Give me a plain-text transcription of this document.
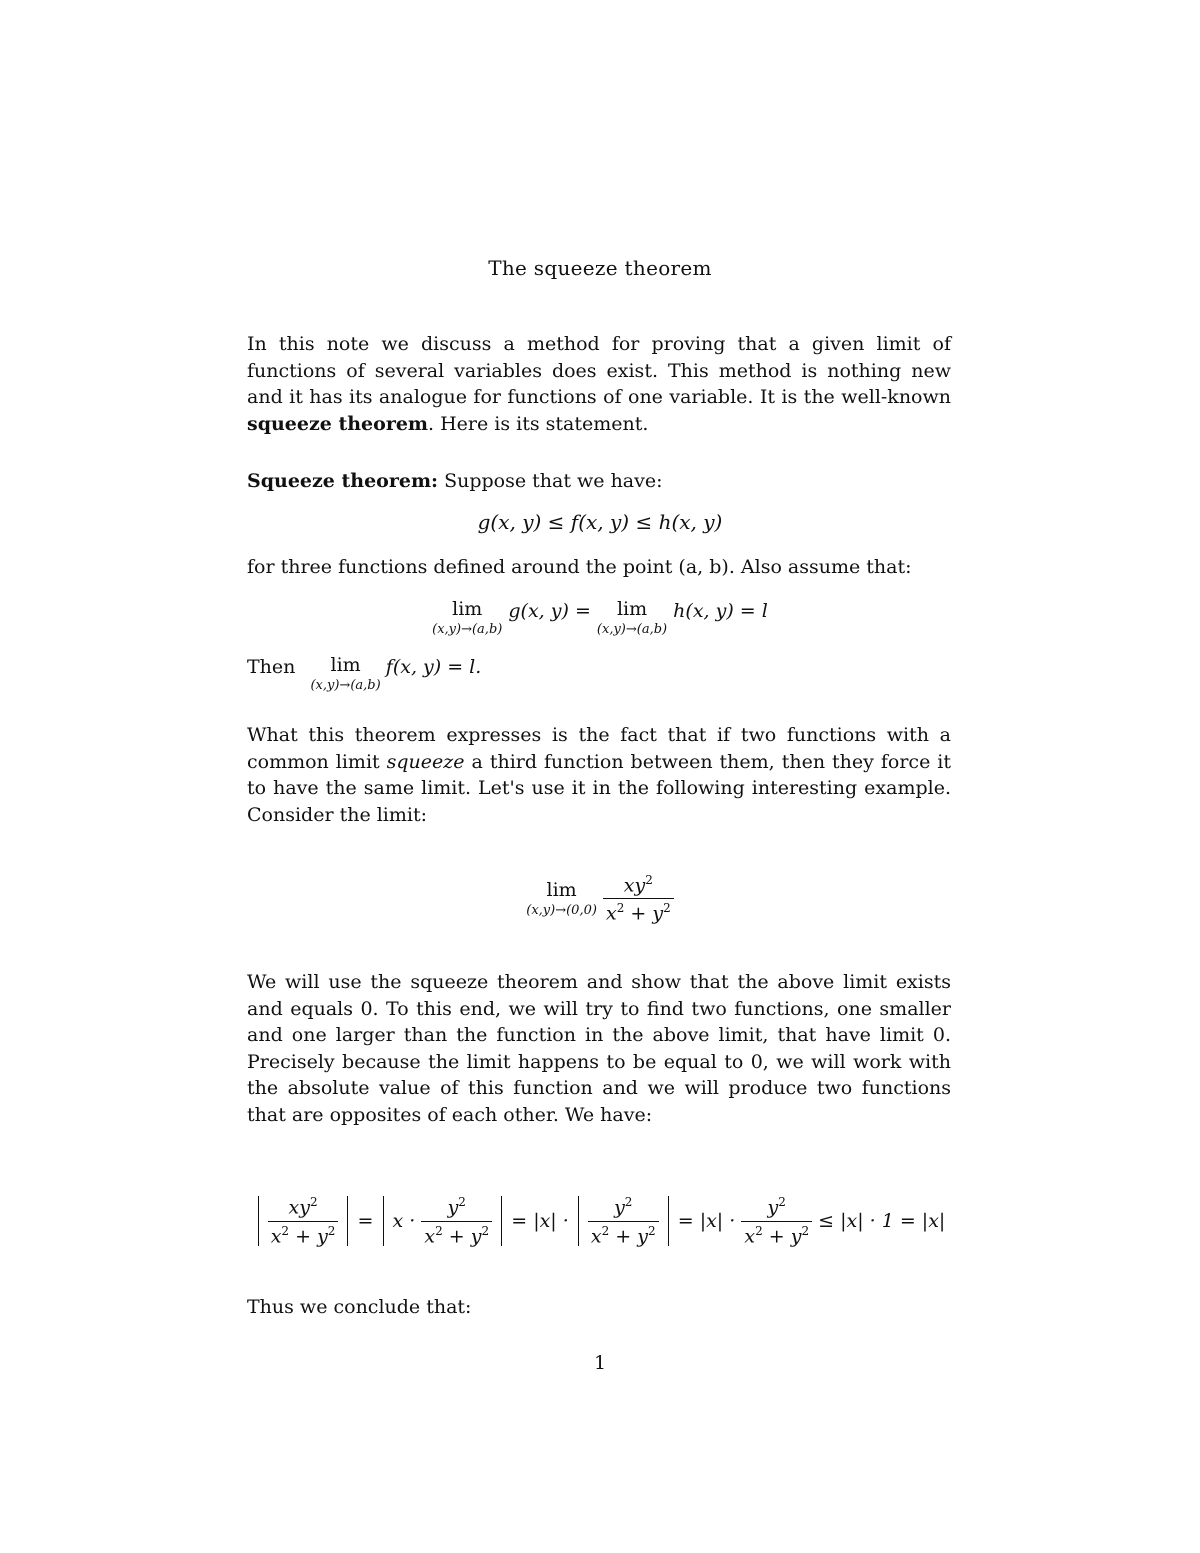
The squeeze theorem

In this note we discuss a method for proving that a given limit of functions of several variables does exist. This method is nothing new and it has its analogue for functions of one variable. It is the well-known squeeze theorem. Here is its statement.

Squeeze theorem: Suppose that we have:

g(x, y) ≤ f(x, y) ≤ h(x, y)

for three functions defined around the point (a, b). Also assume that:

lim
(x,y)→(a,b)
g(x, y) =	lim
(x,y)→(a,b)
h(x, y) = l
Then	lim
(x,y)→(a,b)
f(x, y) = l.

What this theorem expresses is the fact that if two functions with a common limit squeeze a third function between them, then they force it to have the same limit. Let's use it in the following interesting example. Consider the limit:

lim
(x,y)→(0,0)
$\frac{xy^2}{x^2 + y^2}$

We will use the squeeze theorem and show that the above limit exists and equals 0. To this end, we will try to find two functions, one smaller and one larger than the function in the above limit, that have limit 0. Precisely because the limit happens to be equal to 0, we will work with the absolute value of this function and we will produce two functions that are opposites of each other. We have:

$\frac{xy^2}{x^2 + y^2} = x \cdot \frac{y^2}{x^2 + y^2} = |x| \cdot \frac{y^2}{x^2 + y^2} = |x| \cdot \frac{y^2}{x^2 + y^2} \le |x| \cdot 1 = |x|$

Thus we conclude that:

1
